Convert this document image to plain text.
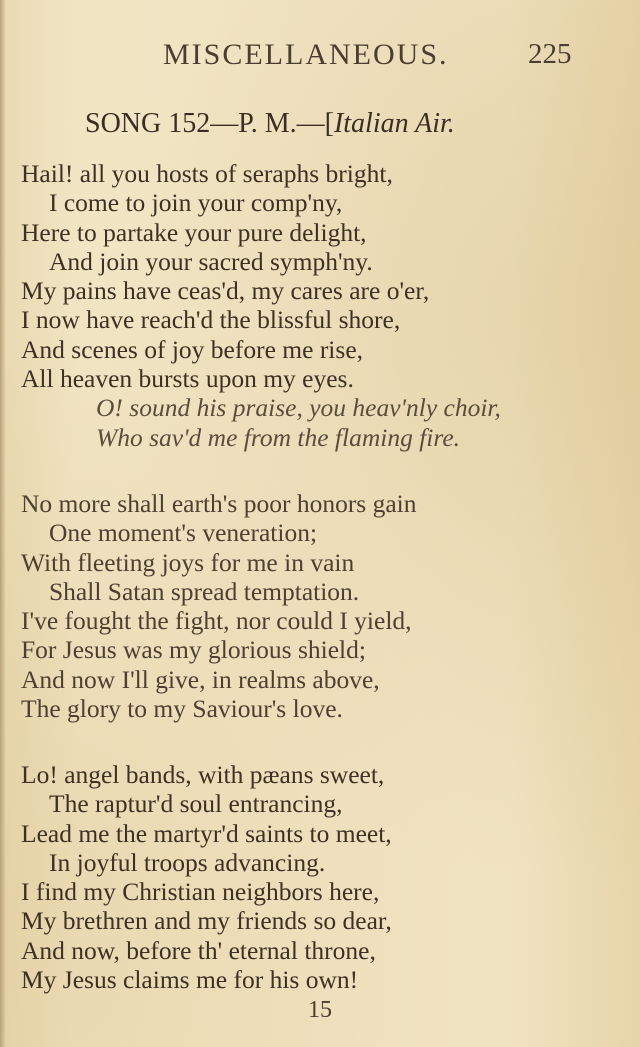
MISCELLANEOUS.	225
SONG 152—P. M.—[Italian Air.
Hail! all you hosts of seraphs bright,
I come to join your comp'ny,
Here to partake your pure delight,
And join your sacred symph'ny.
My pains have ceas'd, my cares are o'er,
I now have reach'd the blissful shore,
And scenes of joy before me rise,
All heaven bursts upon my eyes.
O! sound his praise, you heav'nly choir,
Who sav'd me from the flaming fire.
No more shall earth's poor honors gain
One moment's veneration;
With fleeting joys for me in vain
Shall Satan spread temptation.
I've fought the fight, nor could I yield,
For Jesus was my glorious shield;
And now I'll give, in realms above,
The glory to my Saviour's love.
Lo! angel bands, with pæans sweet,
The raptur'd soul entrancing,
Lead me the martyr'd saints to meet,
In joyful troops advancing.
I find my Christian neighbors here,
My brethren and my friends so dear,
And now, before th' eternal throne,
My Jesus claims me for his own!
15
